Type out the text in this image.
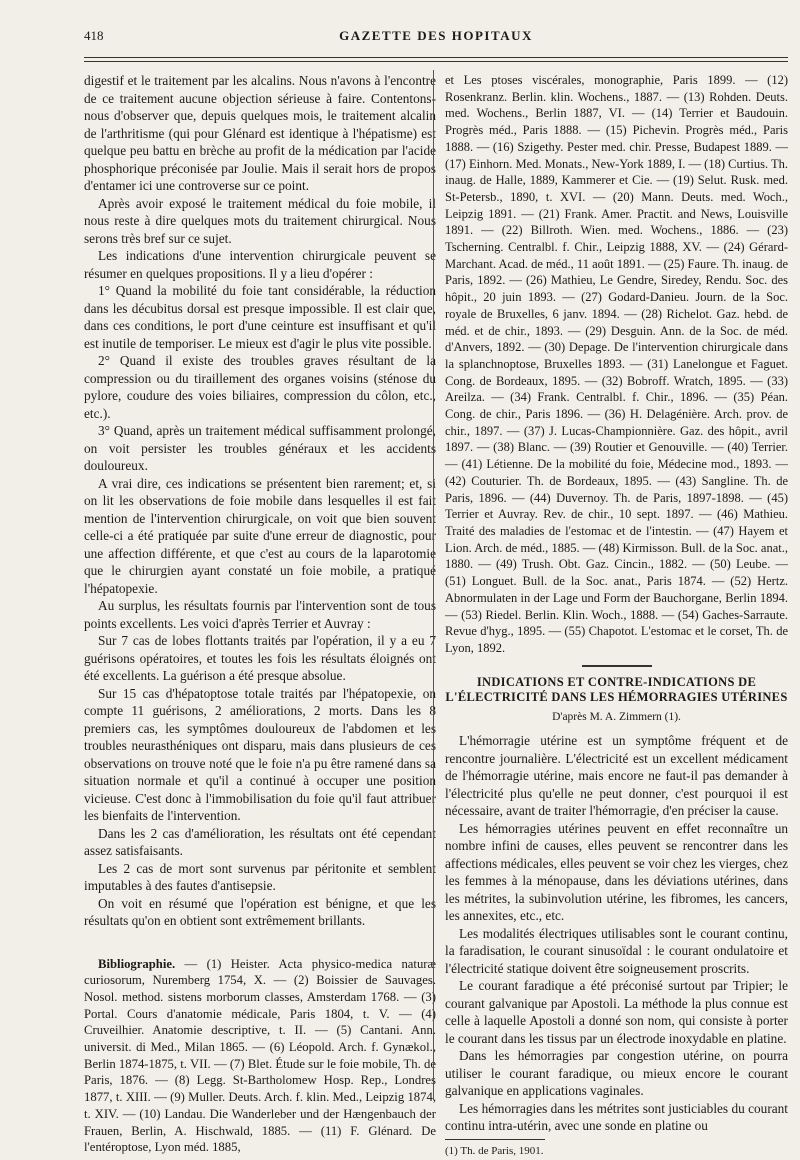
418	GAZETTE DES HOPITAUX

digestif et le traitement par les alcalins. Nous n'avons à l'encontre de ce traitement aucune objection sérieuse à faire. Contentons-nous d'observer que, depuis quelques mois, le traitement alcalin de l'arthritisme (qui pour Glénard est identique à l'hépatisme) est quelque peu battu en brèche au profit de la médication par l'acide phosphorique préconisée par Joulie. Mais il serait hors de propos d'entamer ici une controverse sur ce point.

Après avoir exposé le traitement médical du foie mobile, il nous reste à dire quelques mots du traitement chirurgical. Nous serons très bref sur ce sujet.

Les indications d'une intervention chirurgicale peuvent se résumer en quelques propositions. Il y a lieu d'opérer :

1° Quand la mobilité du foie tant considérable, la réduction dans les décubitus dorsal est presque impossible. Il est clair que, dans ces conditions, le port d'une ceinture est insuffisant et qu'il est inutile de temporiser. Le mieux est d'agir le plus vite possible.

2° Quand il existe des troubles graves résultant de la compression ou du tiraillement des organes voisins (sténose du pylore, coudure des voies biliaires, compression du côlon, etc., etc.).

3° Quand, après un traitement médical suffisamment prolongé, on voit persister les troubles généraux et les accidents douloureux.

A vrai dire, ces indications se présentent bien rarement; et, si on lit les observations de foie mobile dans lesquelles il est fait mention de l'intervention chirurgicale, on voit que bien souvent celle-ci a été pratiquée par suite d'une erreur de diagnostic, pour une affection différente, et que c'est au cours de la laparotomie que le chirurgien ayant constaté un foie mobile, a pratiqué l'hépatopexie.

Au surplus, les résultats fournis par l'intervention sont de tous points excellents. Les voici d'après Terrier et Auvray :

Sur 7 cas de lobes flottants traités par l'opération, il y a eu 7 guérisons opératoires, et toutes les fois les résultats éloignés ont été excellents. La guérison a été presque absolue.

Sur 15 cas d'hépatoptose totale traités par l'hépatopexie, on compte 11 guérisons, 2 améliorations, 2 morts. Dans les 8 premiers cas, les symptômes douloureux de l'abdomen et les troubles neurasthéniques ont disparu, mais dans plusieurs de ces observations on trouve noté que le foie n'a pu être ramené dans sa situation normale et qu'il a continué à occuper une position vicieuse. C'est donc à l'immobilisation du foie qu'il faut attribuer les bienfaits de l'intervention.

Dans les 2 cas d'amélioration, les résultats ont été cependant assez satisfaisants.

Les 2 cas de mort sont survenus par péritonite et semblent imputables à des fautes d'antisepsie.

On voit en résumé que l'opération est bénigne, et que les résultats qu'on en obtient sont extrêmement brillants.

Bibliographie. — (1) Heister. Acta physico-medica naturæ curiosorum, Nuremberg 1754, X. — (2) Boissier de Sauvages. Nosol. method. sistens morborum classes, Amsterdam 1768. — (3) Portal. Cours d'anatomie médicale, Paris 1804, t. V. — (4) Cruveilhier. Anatomie descriptive, t. II. — (5) Cantani. Ann. universit. di Med., Milan 1865. — (6) Léopold. Arch. f. Gynækol., Berlin 1874-1875, t. VII. — (7) Blet. Étude sur le foie mobile, Th. de Paris, 1876. — (8) Legg. St-Bartholomew Hosp. Rep., Londres 1877, t. XIII. — (9) Muller. Deuts. Arch. f. klin. Med., Leipzig 1874, t. XIV. — (10) Landau. Die Wanderleber und der Hængenbauch der Frauen, Berlin, A. Hischwald, 1885. — (11) F. Glénard. De l'entéroptose, Lyon méd. 1885,

et Les ptoses viscérales, monographie, Paris 1899. — (12) Rosenkranz. Berlin. klin. Wochens., 1887. — (13) Rohden. Deuts. med. Wochens., Berlin 1887, VI. — (14) Terrier et Baudouin. Progrès méd., Paris 1888. — (15) Pichevin. Progrès méd., Paris 1888. — (16) Szigethy. Pester med. chir. Presse, Budapest 1889. — (17) Einhorn. Med. Monats., New-York 1889, I. — (18) Curtius. Th. inaug. de Halle, 1889, Kammerer et Cie. — (19) Selut. Rusk. med. St-Petersb., 1890, t. XVI. — (20) Mann. Deuts. med. Woch., Leipzig 1891. — (21) Frank. Amer. Practit. and News, Louisville 1891. — (22) Billroth. Wien. med. Wochens., 1886. — (23) Tscherning. Centralbl. f. Chir., Leipzig 1888, XV. — (24) Gérard-Marchant. Acad. de méd., 11 août 1891. — (25) Faure. Th. inaug. de Paris, 1892. — (26) Mathieu, Le Gendre, Siredey, Rendu. Soc. des hôpit., 20 juin 1893. — (27) Godard-Danieu. Journ. de la Soc. royale de Bruxelles, 6 janv. 1894. — (28) Richelot. Gaz. hebd. de méd. et de chir., 1893. — (29) Desguin. Ann. de la Soc. de méd. d'Anvers, 1892. — (30) Depage. De l'intervention chirurgicale dans la splanchnoptose, Bruxelles 1893. — (31) Lanelongue et Faguet. Cong. de Bordeaux, 1895. — (32) Bobroff. Wratch, 1895. — (33) Areilza. — (34) Frank. Centralbl. f. Chir., 1896. — (35) Péan. Cong. de chir., Paris 1896. — (36) H. Delagénière. Arch. prov. de chir., 1897. — (37) J. Lucas-Championnière. Gaz. des hôpit., avril 1897. — (38) Blanc. — (39) Routier et Genouville. — (40) Terrier. — (41) Létienne. De la mobilité du foie, Médecine mod., 1893. — (42) Couturier. Th. de Bordeaux, 1895. — (43) Sangline. Th. de Paris, 1896. — (44) Duvernoy. Th. de Paris, 1897-1898. — (45) Terrier et Auvray. Rev. de chir., 10 sept. 1897. — (46) Mathieu. Traité des maladies de l'estomac et de l'intestin. — (47) Hayem et Lion. Arch. de méd., 1885. — (48) Kirmisson. Bull. de la Soc. anat., 1880. — (49) Trush. Obt. Gaz. Cincin., 1882. — (50) Leube. — (51) Longuet. Bull. de la Soc. anat., Paris 1874. — (52) Hertz. Abnormulaten in der Lage und Form der Bauchorgane, Berlin 1894. — (53) Riedel. Berlin. Klin. Woch., 1888. — (54) Gaches-Sarraute. Revue d'hyg., 1895. — (55) Chapotot. L'estomac et le corset, Th. de Lyon, 1892.

INDICATIONS ET CONTRE-INDICATIONS DE L'ÉLECTRICITÉ DANS LES HÉMORRAGIES UTÉRINES
D'après M. A. Zimmern (1).

L'hémorragie utérine est un symptôme fréquent et de rencontre journalière. L'électricité est un excellent médicament de l'hémorragie utérine, mais encore ne faut-il pas demander à l'électricité plus qu'elle ne peut donner, c'est pourquoi il est nécessaire, avant de traiter l'hémorragie, d'en préciser la cause.

Les hémorragies utérines peuvent en effet reconnaître un nombre infini de causes, elles peuvent se rencontrer dans les affections médicales, elles peuvent se voir chez les vierges, chez les femmes à la ménopause, dans les déviations utérines, dans les métrites, la subinvolution utérine, les fibromes, les cancers, les annexites, etc., etc.

Les modalités électriques utilisables sont le courant continu, la faradisation, le courant sinusoïdal : le courant ondulatoire et l'électricité statique doivent être soigneusement proscrits.

Le courant faradique a été préconisé surtout par Tripier; le courant galvanique par Apostoli. La méthode la plus connue est celle à laquelle Apostoli a donné son nom, qui consiste à porter le courant dans les tissus par un électrode inoxydable en platine.

Dans les hémorragies par congestion utérine, on pourra utiliser le courant faradique, ou mieux encore le courant galvanique en applications vaginales.

Les hémorragies dans les métrites sont justiciables du courant continu intra-utérin, avec une sonde en platine ou

(1) Th. de Paris, 1901.
